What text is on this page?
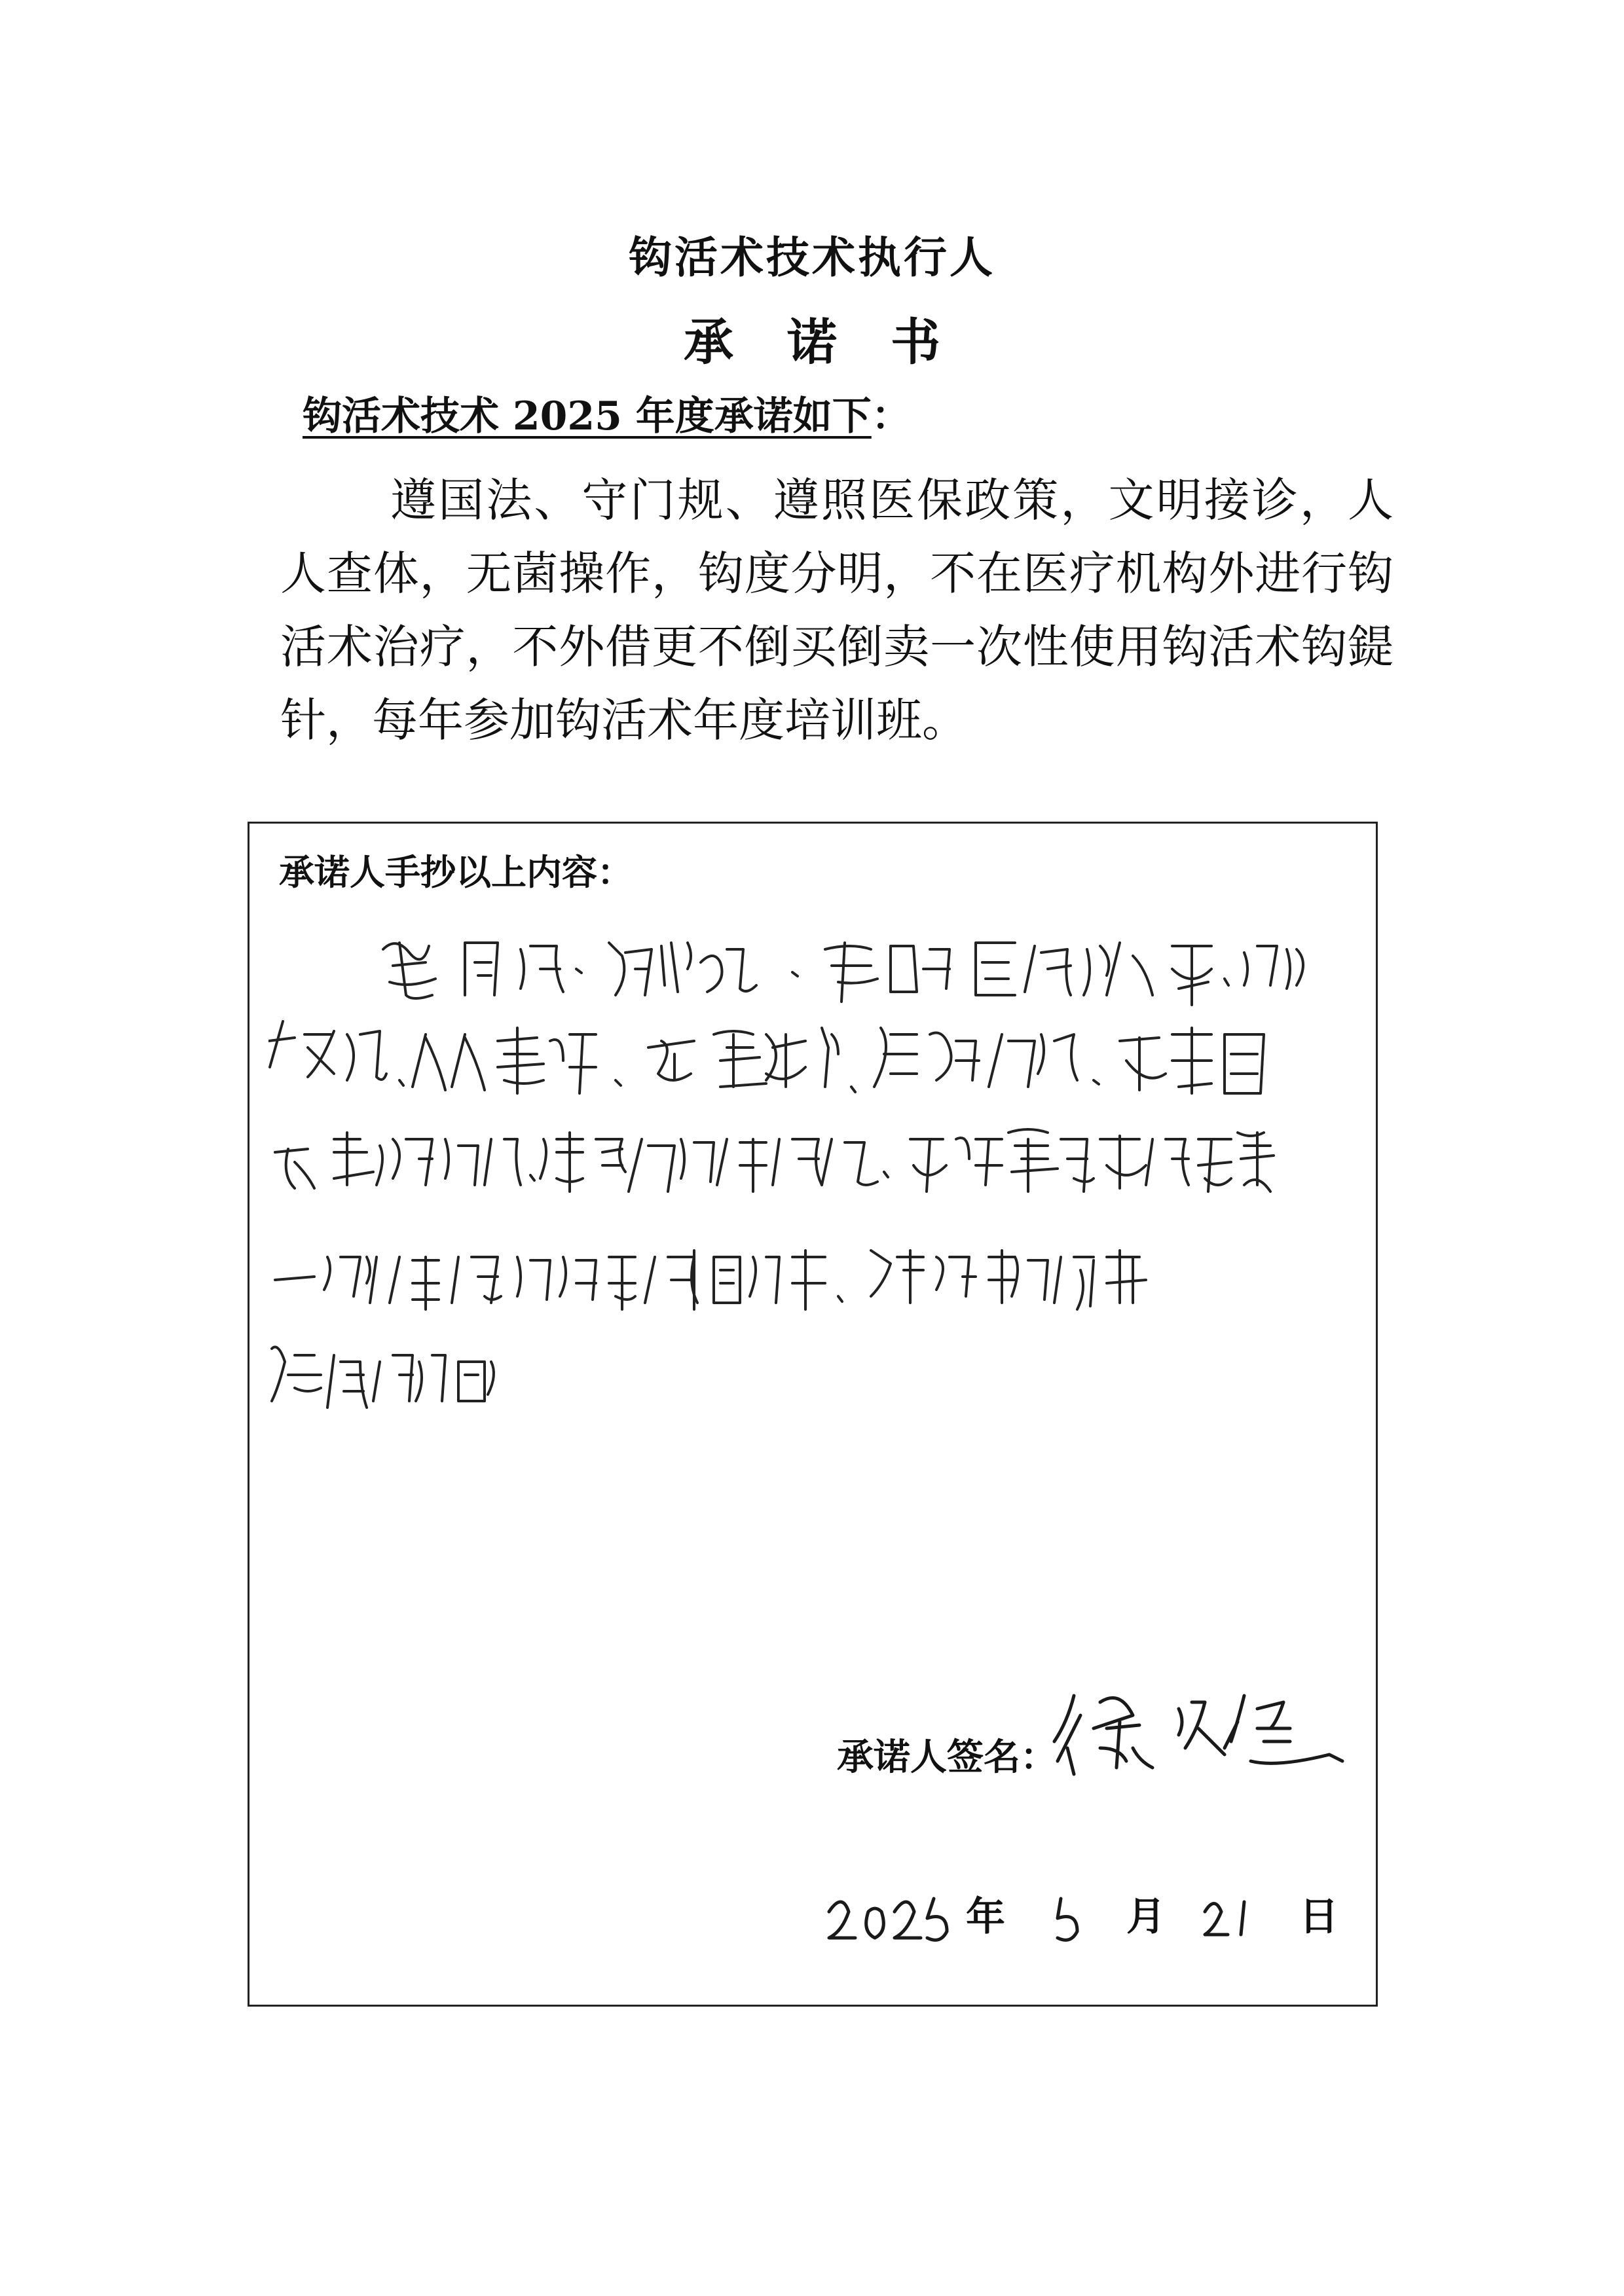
钩活术技术执行人
承诺书
钩活术技术 2025 年度承诺如下：
遵国法、守门规、遵照医保政策，文明接诊，人人查体，无菌操作，钩度分明，不在医疗机构外进行钩活术治疗，不外借更不倒买倒卖一次性使用钩活术钩鍉针，每年参加钩活术年度培训班。
承诺人手抄以上内容：
承诺人签名：
年	月	日
